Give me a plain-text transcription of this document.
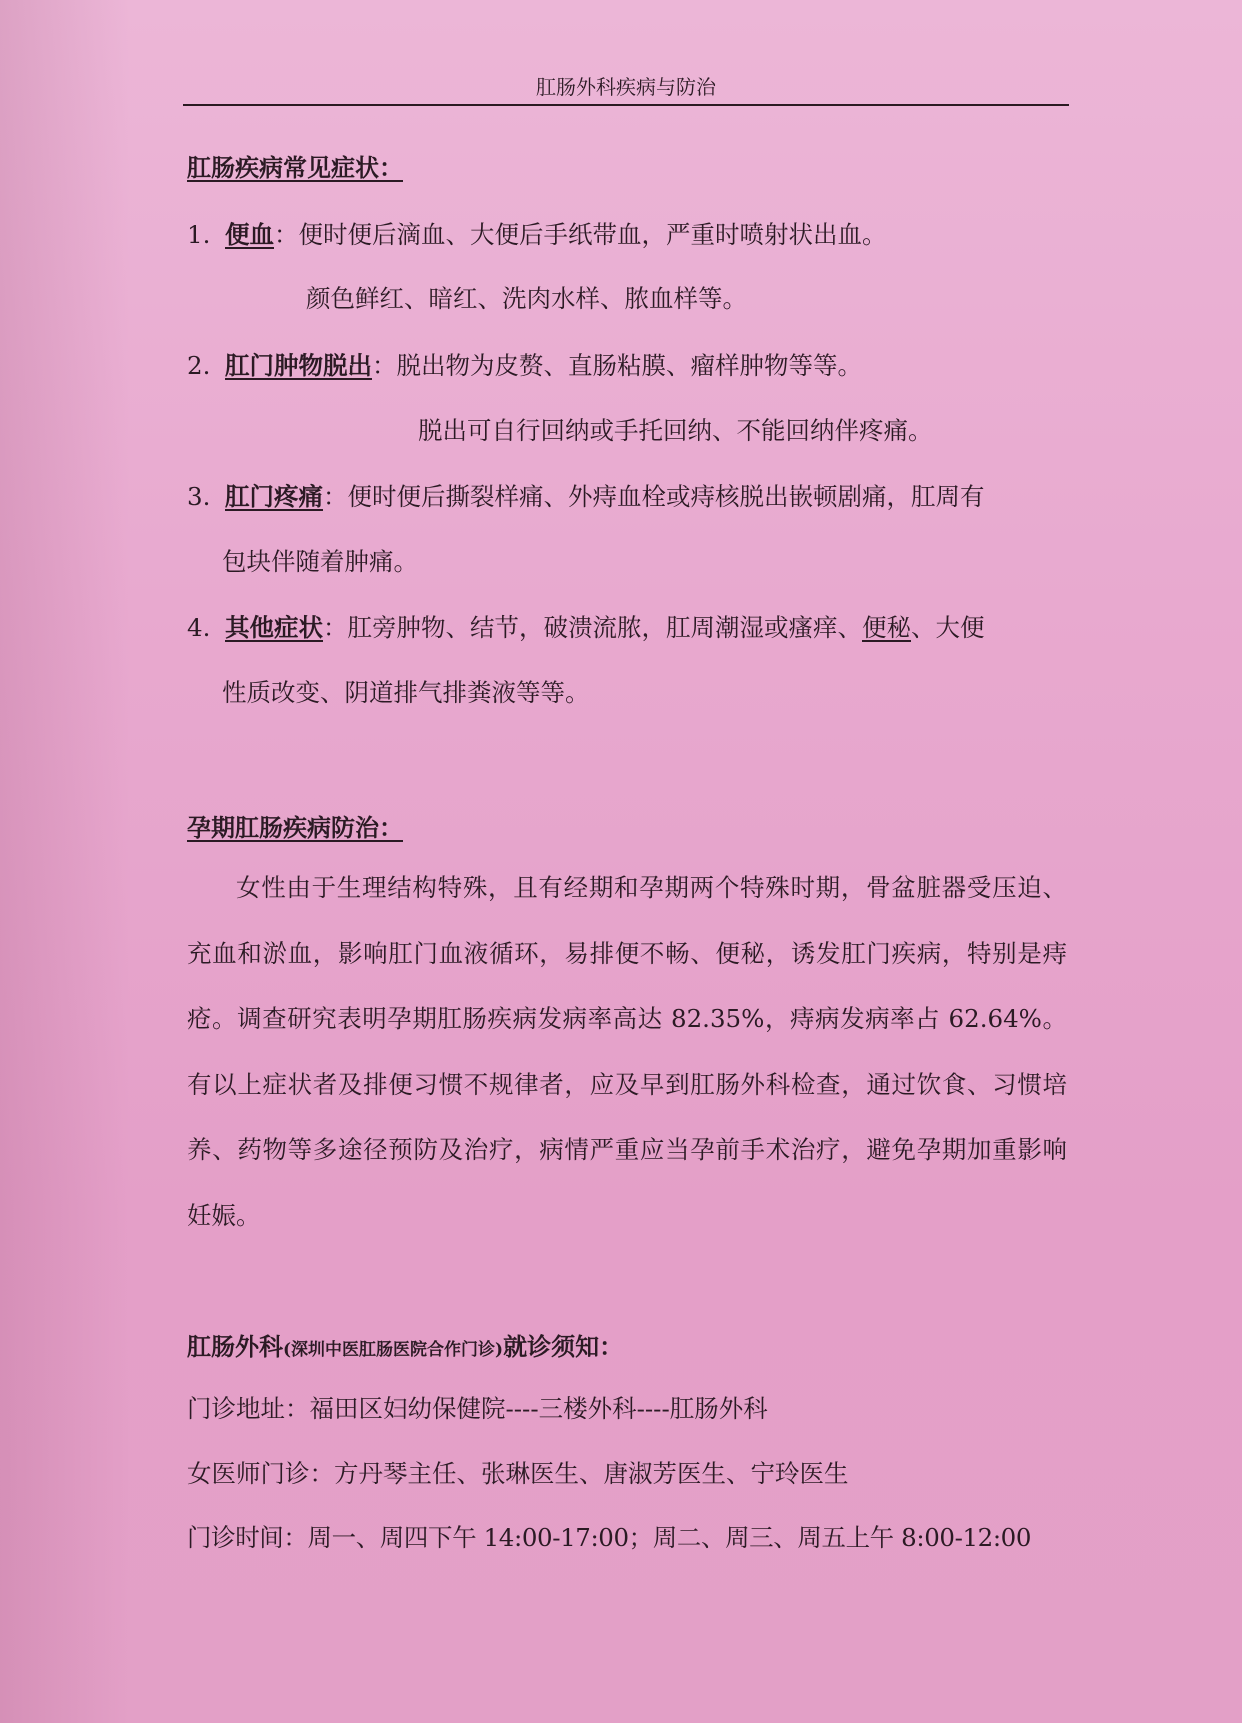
肛肠外科疾病与防治
肛肠疾病常见症状：
1. 便血：便时便后滴血、大便后手纸带血，严重时喷射状出血。
颜色鲜红、暗红、洗肉水样、脓血样等。
2. 肛门肿物脱出：脱出物为皮赘、直肠粘膜、瘤样肿物等等。
脱出可自行回纳或手托回纳、不能回纳伴疼痛。
3. 肛门疼痛：便时便后撕裂样痛、外痔血栓或痔核脱出嵌顿剧痛，肛周有
包块伴随着肿痛。
4. 其他症状：肛旁肿物、结节，破溃流脓，肛周潮湿或瘙痒、便秘、大便
性质改变、阴道排气排粪液等等。
孕期肛肠疾病防治：
女性由于生理结构特殊，且有经期和孕期两个特殊时期，骨盆脏器受压迫、充血和淤血，影响肛门血液循环，易排便不畅、便秘，诱发肛门疾病，特别是痔疮。调查研究表明孕期肛肠疾病发病率高达 82.35%，痔病发病率占 62.64%。有以上症状者及排便习惯不规律者，应及早到肛肠外科检查，通过饮食、习惯培养、药物等多途径预防及治疗，病情严重应当孕前手术治疗，避免孕期加重影响妊娠。
肛肠外科(深圳中医肛肠医院合作门诊)就诊须知：
门诊地址：福田区妇幼保健院----三楼外科----肛肠外科
女医师门诊：方丹琴主任、张琳医生、唐淑芳医生、宁玲医生
门诊时间：周一、周四下午 14:00-17:00；周二、周三、周五上午 8:00-12:00
